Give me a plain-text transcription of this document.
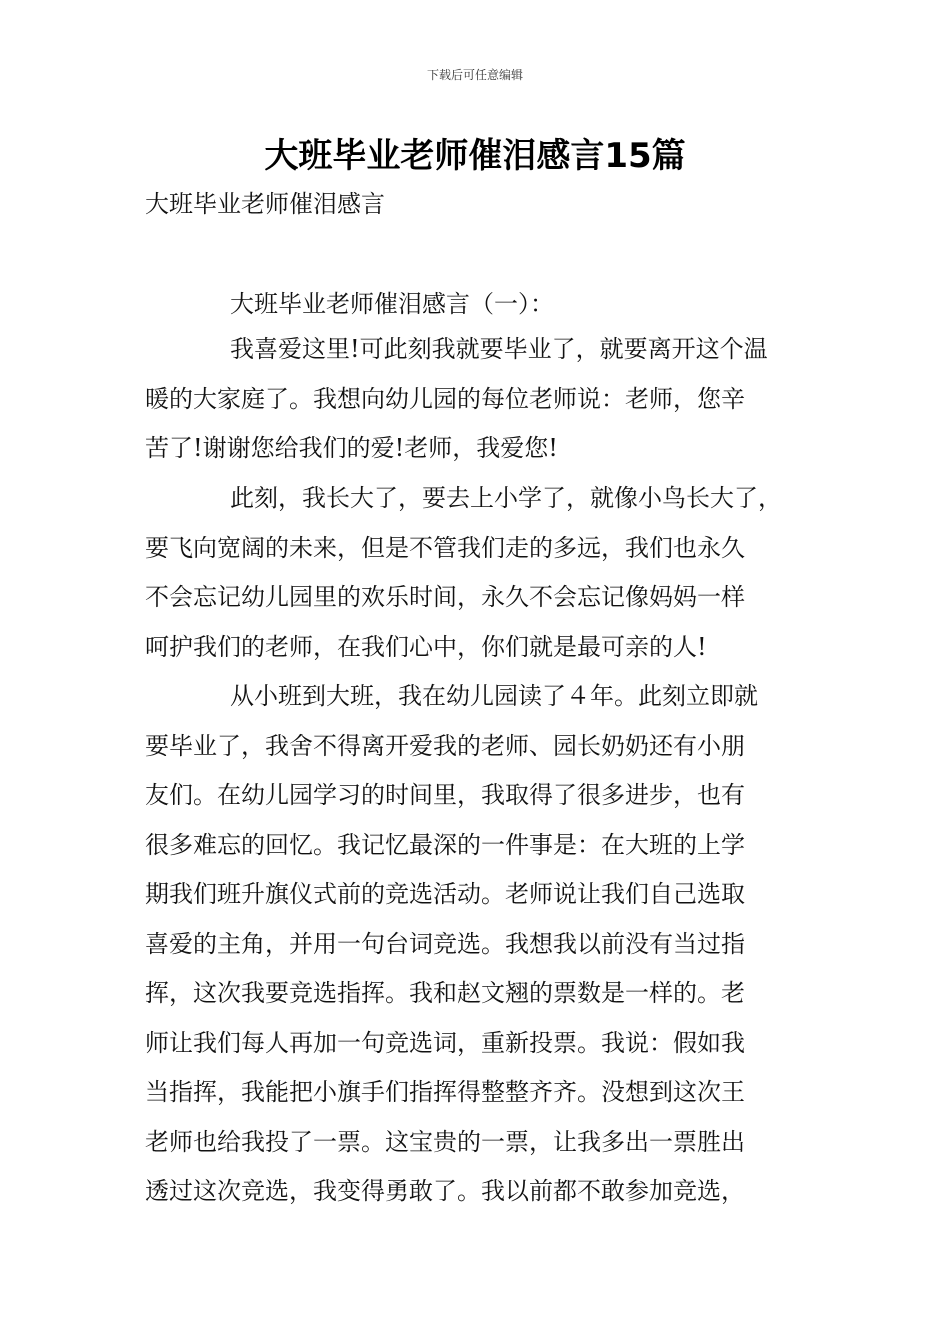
下载后可任意编辑
大班毕业老师催泪感言15篇
大班毕业老师催泪感言
大班毕业老师催泪感言（一）：
我喜爱这里!可此刻我就要毕业了，就要离开这个温
暖的大家庭了。我想向幼儿园的每位老师说：老师，您辛
苦了!谢谢您给我们的爱!老师，我爱您!
此刻，我长大了，要去上小学了，就像小鸟长大了，
要飞向宽阔的未来，但是不管我们走的多远，我们也永久
不会忘记幼儿园里的欢乐时间，永久不会忘记像妈妈一样
呵护我们的老师，在我们心中，你们就是最可亲的人!
从小班到大班，我在幼儿园读了４年。此刻立即就
要毕业了，我舍不得离开爱我的老师、园长奶奶还有小朋
友们。在幼儿园学习的时间里，我取得了很多进步，也有
很多难忘的回忆。我记忆最深的一件事是：在大班的上学
期我们班升旗仪式前的竞选活动。老师说让我们自己选取
喜爱的主角，并用一句台词竞选。我想我以前没有当过指
挥，这次我要竞选指挥。我和赵文翘的票数是一样的。老
师让我们每人再加一句竞选词，重新投票。我说：假如我
当指挥，我能把小旗手们指挥得整整齐齐。没想到这次王
老师也给我投了一票。这宝贵的一票，让我多出一票胜出
透过这次竞选，我变得勇敢了。我以前都不敢参加竞选，
